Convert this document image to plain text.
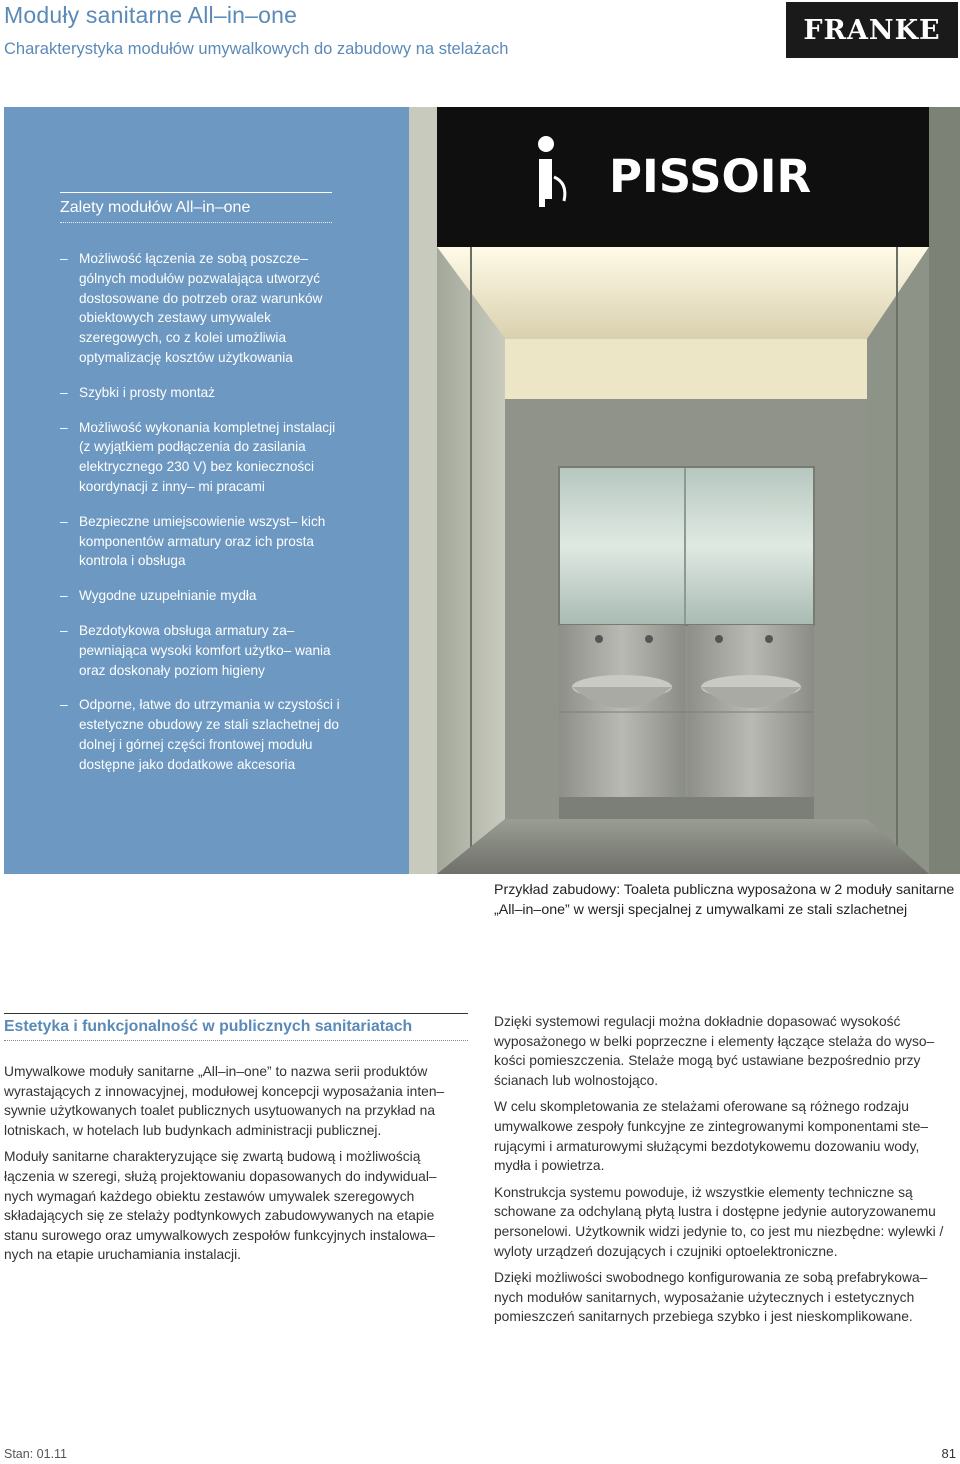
Moduły sanitarne All–in–one
Charakterystyka modułów umywalkowych do zabudowy na stelażach
FRANKE
Zalety modułów All–in–one
– Możliwość łączenia ze sobą poszcze– gólnych modułów pozwalająca utworzyć dostosowane do potrzeb oraz warunków obiektowych zestawy umywalek szeregowych, co z kolei umożliwia optymalizację kosztów użytkowania
– Szybki i prosty montaż
– Możliwość wykonania kompletnej instalacji (z wyjątkiem podłączenia do zasilania elektrycznego 230 V) bez konieczności koordynacji z inny– mi pracami
– Bezpieczne umiejscowienie wszyst– kich komponentów armatury oraz ich prosta kontrola i obsługa
– Wygodne uzupełnianie mydła
– Bezdotykowa obsługa armatury za– pewniająca wysoki komfort użytko– wania oraz doskonały poziom higieny
– Odporne, łatwe do utrzymania w czystości i estetyczne obudowy ze stali szlachetnej do dolnej i górnej części frontowej modułu dostępne jako dodatkowe akcesoria
PISSOIR
Przykład zabudowy: Toaleta publiczna wyposażona w 2 moduły sanitarne „All–in–one” w wersji specjalnej z umywalkami ze stali szlachetnej
Estetyka i funkcjonalność w publicznych sanitariatach

Umywalkowe moduły sanitarne „All–in–one” to nazwa serii produktów wyrastających z innowacyjnej, modułowej koncepcji wyposażania inten– sywnie użytkowanych toalet publicznych usytuowanych na przykład na lotniskach, w hotelach lub budynkach administracji publicznej.

Moduły sanitarne charakteryzujące się zwartą budową i możliwością łączenia w szeregi, służą projektowaniu dopasowanych do indywidual– nych wymagań każdego obiektu zestawów umywalek szeregowych składających się ze stelaży podtynkowych zabudowywanych na etapie stanu surowego oraz umywalkowych zespołów funkcyjnych instalowa– nych na etapie uruchamiania instalacji.

Dzięki systemowi regulacji można dokładnie dopasować wysokość wyposażonego w belki poprzeczne i elementy łączące stelaża do wyso– kości pomieszczenia. Stelaże mogą być ustawiane bezpośrednio przy ścianach lub wolnostojąco.

W celu skompletowania ze stelażami oferowane są różnego rodzaju umywalkowe zespoły funkcyjne ze zintegrowanymi komponentami ste– rującymi i armaturowymi służącymi bezdotykowemu dozowaniu wody, mydła i powietrza.

Konstrukcja systemu powoduje, iż wszystkie elementy techniczne są schowane za odchylaną płytą lustra i dostępne jedynie autoryzowanemu personelowi. Użytkownik widzi jedynie to, co jest mu niezbędne: wylewki / wyloty urządzeń dozujących i czujniki optoelektroniczne.

Dzięki możliwości swobodnego konfigurowania ze sobą prefabrykowa– nych modułów sanitarnych, wyposażanie użytecznych i estetycznych pomieszczeń sanitarnych przebiega szybko i jest nieskomplikowane.

Stan: 01.11	81
